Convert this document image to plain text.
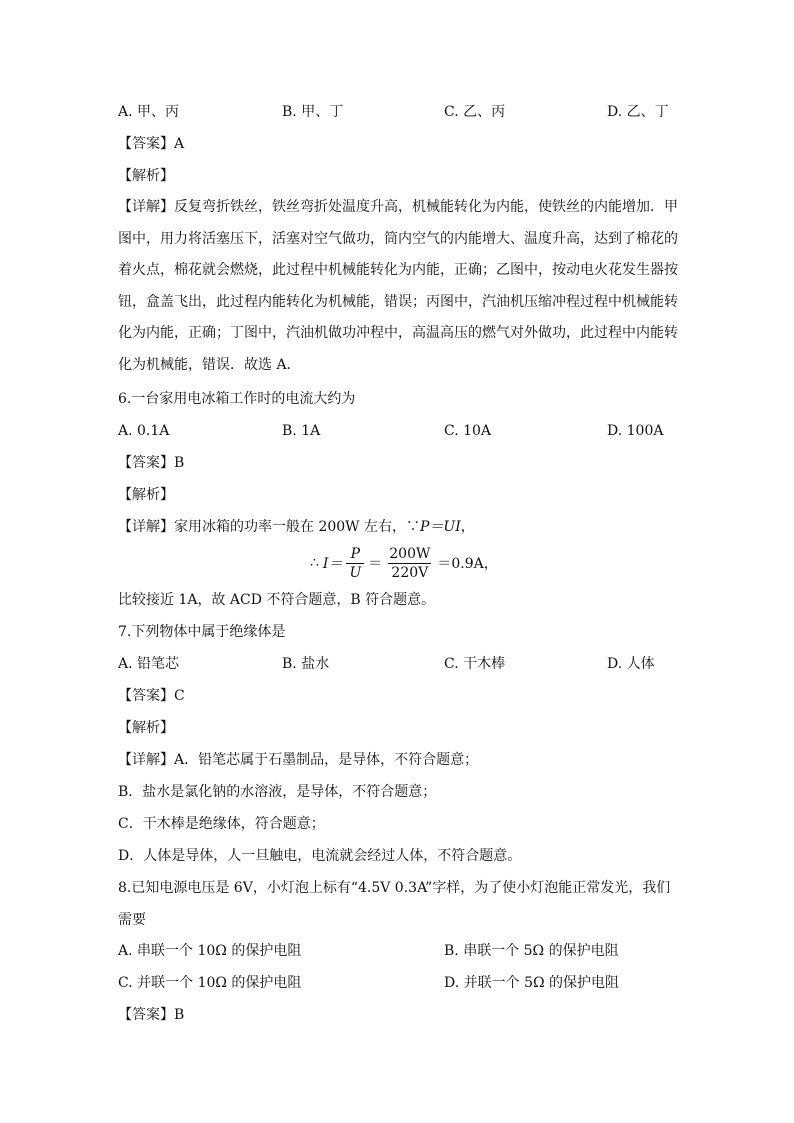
A. 甲、丙	B. 甲、丁	C. 乙、丙	D. 乙、丁
【答案】A
【解析】
【详解】反复弯折铁丝，铁丝弯折处温度升高，机械能转化为内能，使铁丝的内能增加．甲图中，用力将活塞压下，活塞对空气做功，筒内空气的内能增大、温度升高，达到了棉花的着火点，棉花就会燃烧，此过程中机械能转化为内能，正确；乙图中，按动电火花发生器按钮，盒盖飞出，此过程内能转化为机械能，错误；丙图中，汽油机压缩冲程过程中机械能转化为内能，正确；丁图中，汽油机做功冲程中，高温高压的燃气对外做功，此过程中内能转化为机械能，错误．故选 A．
6.一台家用电冰箱工作时的电流大约为
A. 0.1A	B. 1A	C. 10A	D. 100A
【答案】B
【解析】
【详解】家用冰箱的功率一般在 200W 左右，∵P＝UI，
∴ $I= \frac{P}{U} = \frac{200W}{220V} =0.9A$，
比较接近 1A，故 ACD 不符合题意，B 符合题意。
7.下列物体中属于绝缘体是
A. 铅笔芯	B. 盐水	C. 干木棒	D. 人体
【答案】C
【解析】
【详解】A．铅笔芯属于石墨制品，是导体，不符合题意；
B．盐水是氯化钠的水溶液，是导体，不符合题意；
C．干木棒是绝缘体，符合题意；
D．人体是导体，人一旦触电，电流就会经过人体，不符合题意。
8.已知电源电压是 6V，小灯泡上标有“4.5V 0.3A”字样，为了使小灯泡能正常发光，我们需要
A. 串联一个 10Ω 的保护电阻	B. 串联一个 5Ω 的保护电阻
C. 并联一个 10Ω 的保护电阻	D. 并联一个 5Ω 的保护电阻
【答案】B
